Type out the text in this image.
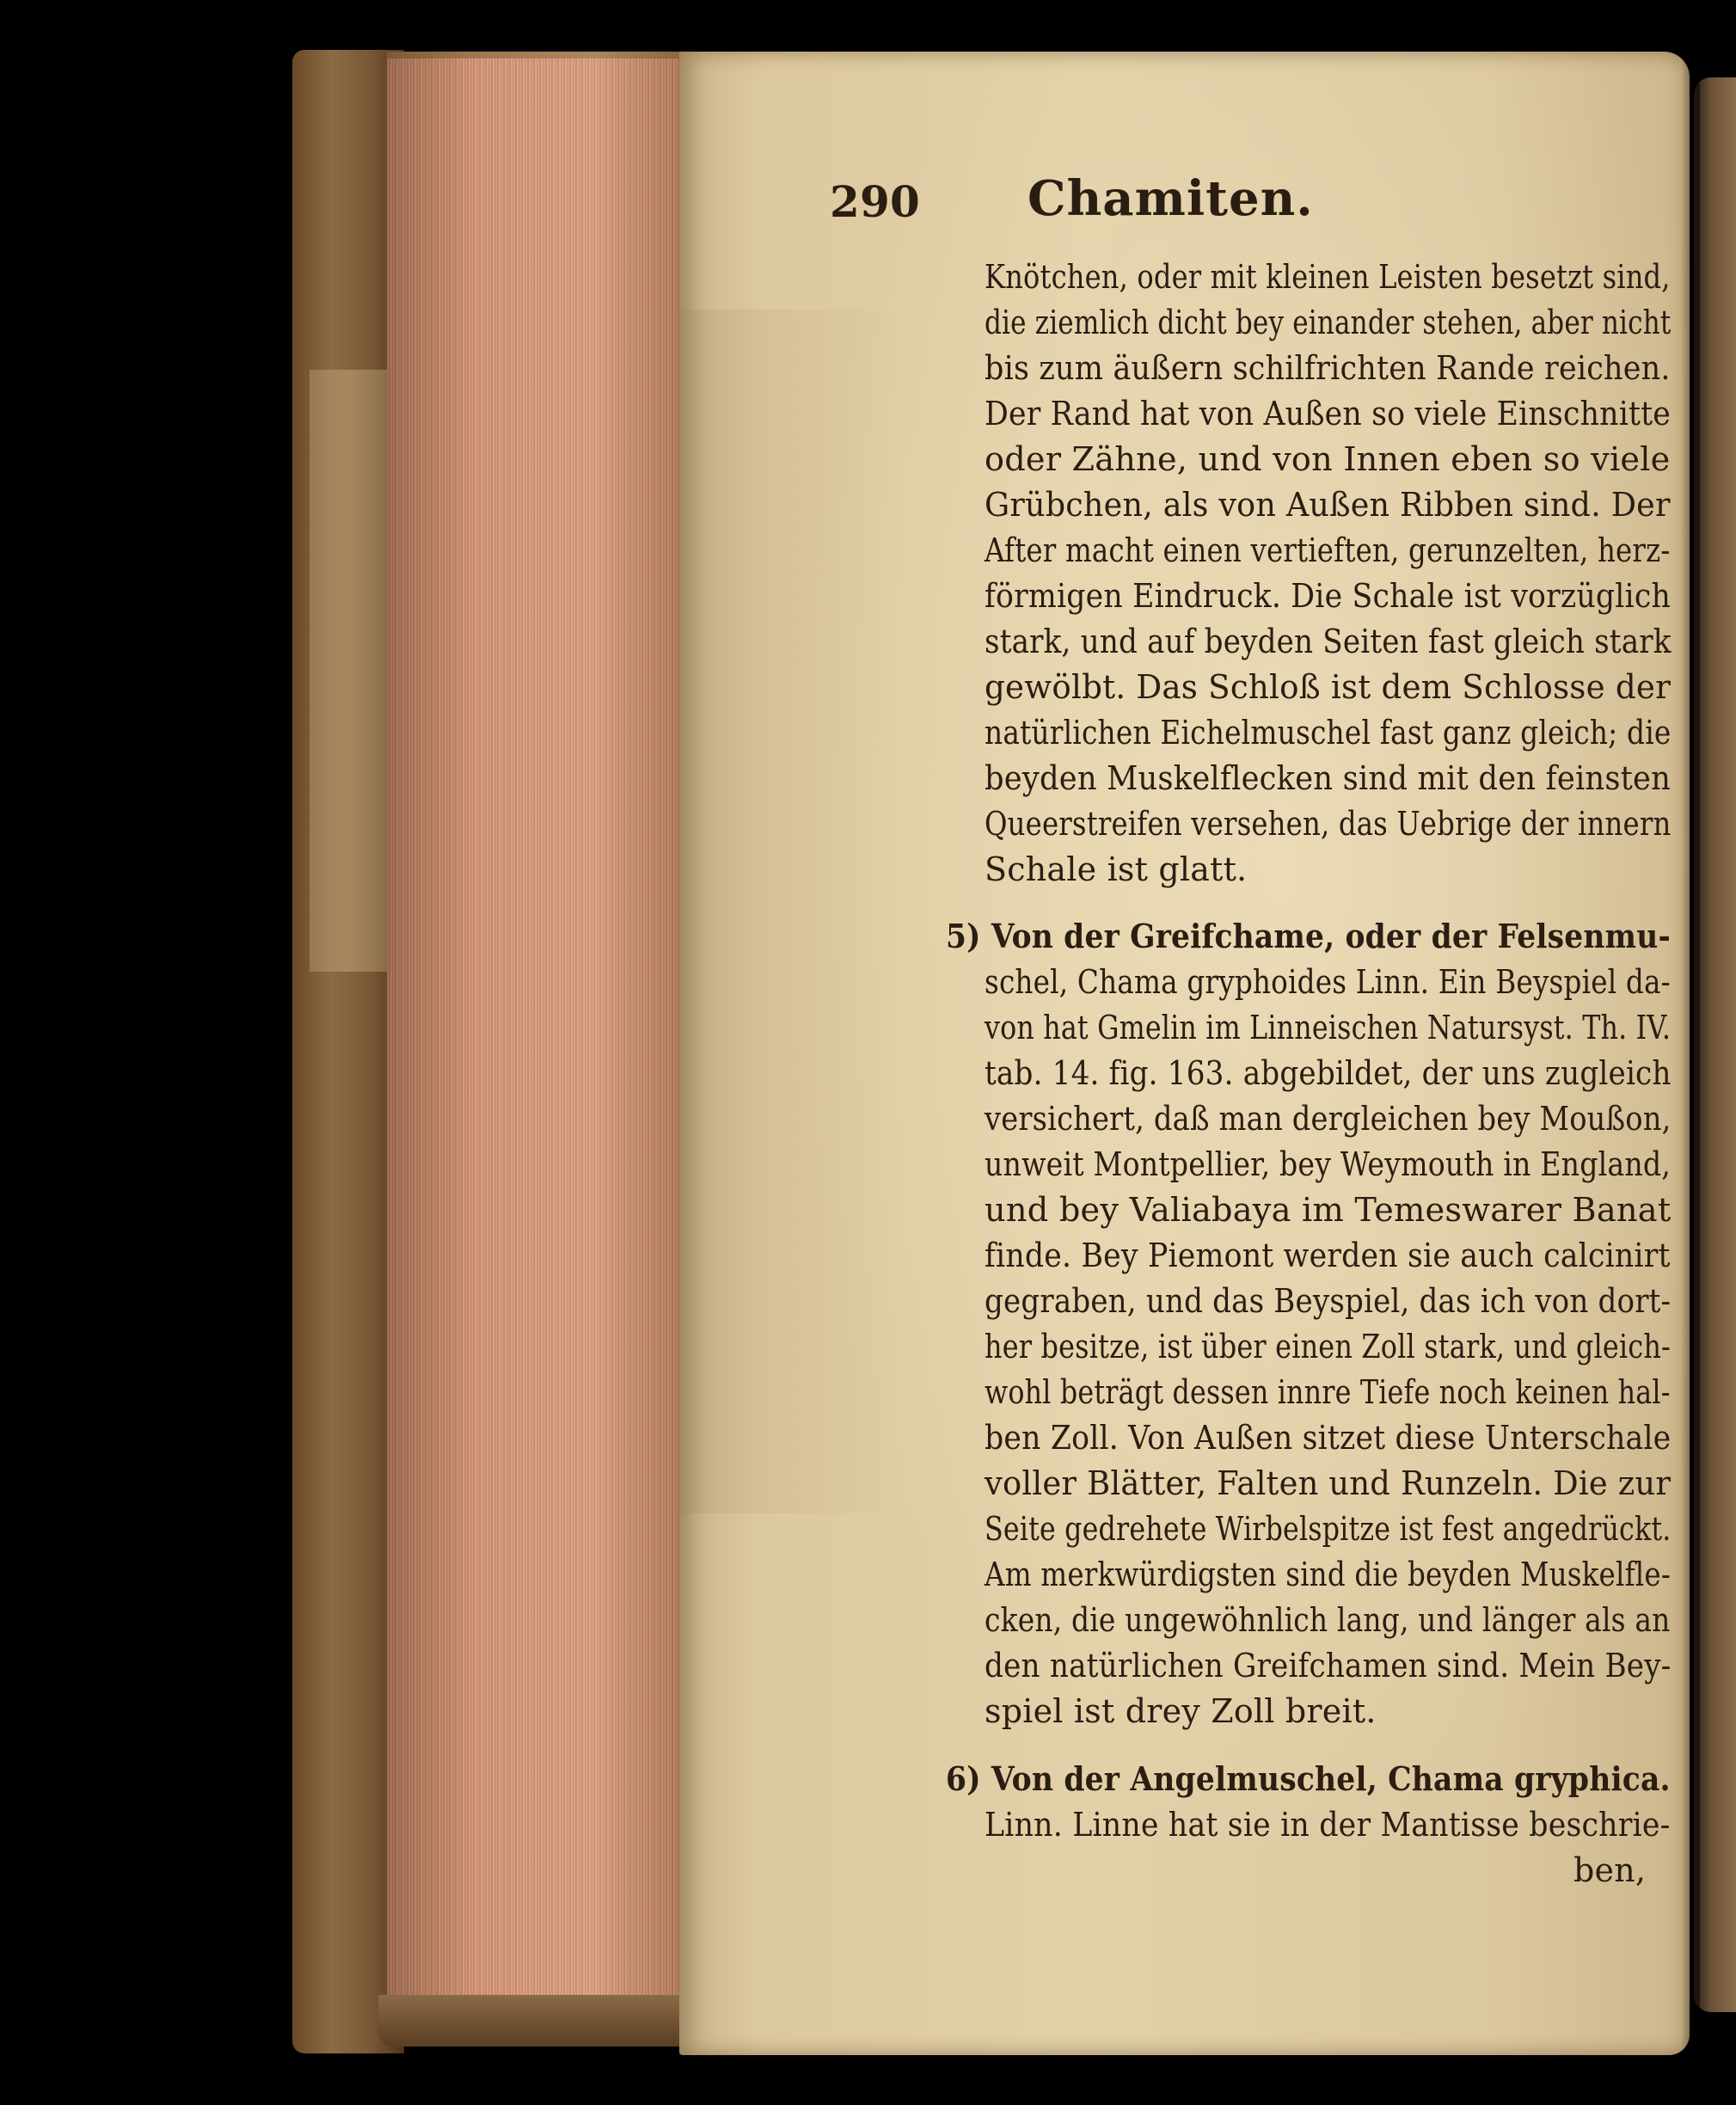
290 Chamiten.
Knötchen, oder mit kleinen Leisten besetzt sind,
die ziemlich dicht bey einander stehen, aber nicht
bis zum äußern schilfrichten Rande reichen.
Der Rand hat von Außen so viele Einschnitte
oder Zähne, und von Innen eben so viele
Grübchen, als von Außen Ribben sind. Der
After macht einen vertieften, gerunzelten, herz-
förmigen Eindruck. Die Schale ist vorzüglich
stark, und auf beyden Seiten fast gleich stark
gewölbt. Das Schloß ist dem Schlosse der
natürlichen Eichelmuschel fast ganz gleich; die
beyden Muskelflecken sind mit den feinsten
Queerstreifen versehen, das Uebrige der innern
Schale ist glatt.
5) Von der Greifchame, oder der Felsenmu-
schel, Chama gryphoides Linn. Ein Beyspiel da-
von hat Gmelin im Linneischen Natursyst. Th. IV.
tab. 14. fig. 163. abgebildet, der uns zugleich
versichert, daß man dergleichen bey Moußon,
unweit Montpellier, bey Weymouth in England,
und bey Valiabaya im Temeswarer Banat
finde. Bey Piemont werden sie auch calcinirt
gegraben, und das Beyspiel, das ich von dort-
her besitze, ist über einen Zoll stark, und gleich-
wohl beträgt dessen innre Tiefe noch keinen hal-
ben Zoll. Von Außen sitzet diese Unterschale
voller Blätter, Falten und Runzeln. Die zur
Seite gedrehete Wirbelspitze ist fest angedrückt.
Am merkwürdigsten sind die beyden Muskelfle-
cken, die ungewöhnlich lang, und länger als an
den natürlichen Greifchamen sind. Mein Bey-
spiel ist drey Zoll breit.
6) Von der Angelmuschel, Chama gryphica.
Linn. Linne hat sie in der Mantisse beschrie-
ben,
